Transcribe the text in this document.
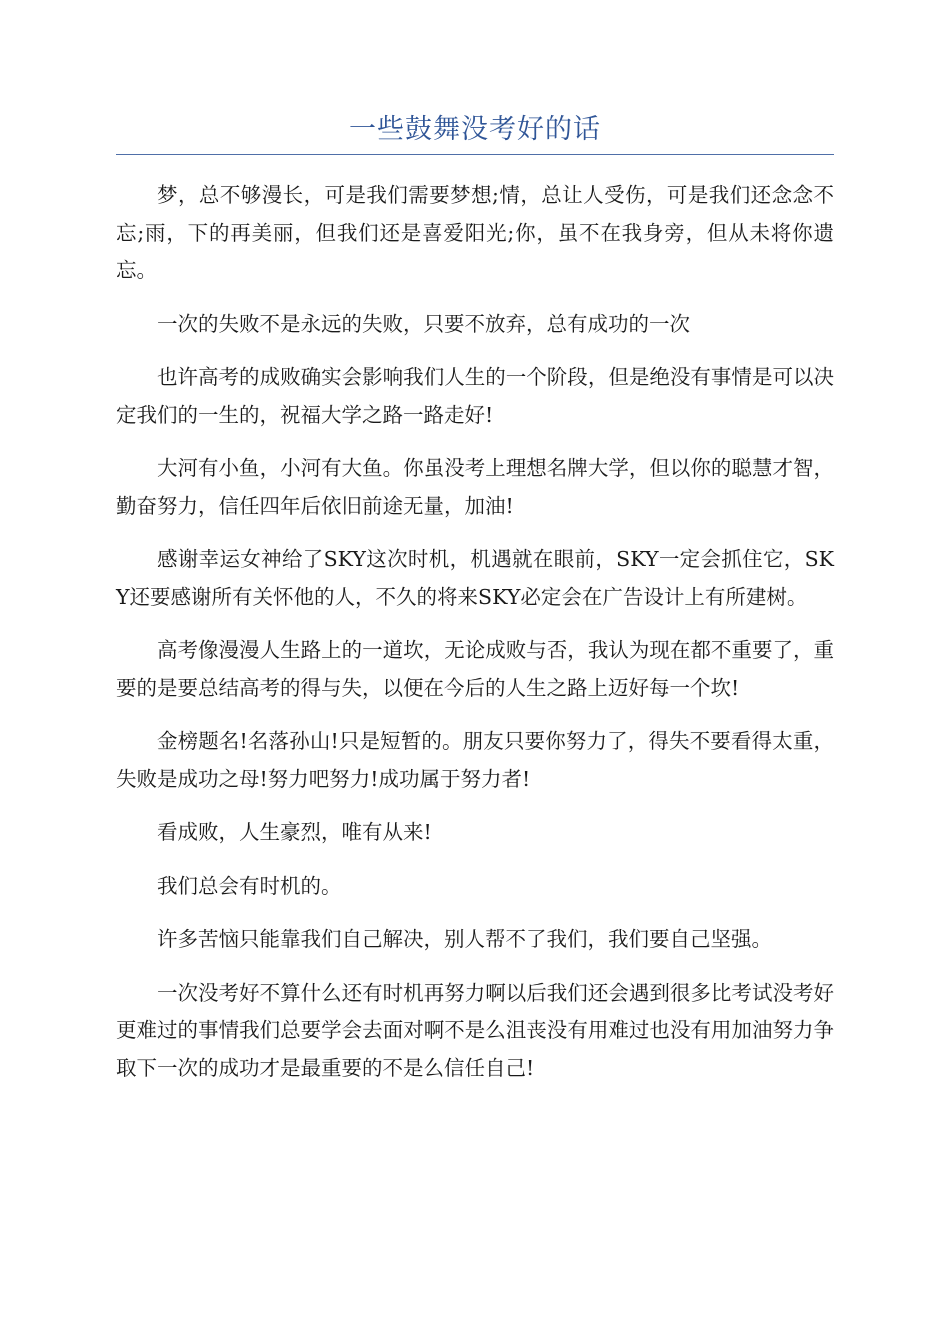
一些鼓舞没考好的话

梦，总不够漫长，可是我们需要梦想;情，总让人受伤，可是我们还念念不忘;雨，下的再美丽，但我们还是喜爱阳光;你，虽不在我身旁，但从未将你遗忘。

一次的失败不是永远的失败，只要不放弃，总有成功的一次

也许高考的成败确实会影响我们人生的一个阶段，但是绝没有事情是可以决定我们的一生的，祝福大学之路一路走好!

大河有小鱼，小河有大鱼。你虽没考上理想名牌大学，但以你的聪慧才智，勤奋努力，信任四年后依旧前途无量，加油!

感谢幸运女神给了SKY这次时机，机遇就在眼前，SKY一定会抓住它，SKY还要感谢所有关怀他的人，不久的将来SKY必定会在广告设计上有所建树。

高考像漫漫人生路上的一道坎，无论成败与否，我认为现在都不重要了，重要的是要总结高考的得与失，以便在今后的人生之路上迈好每一个坎!

金榜题名!名落孙山!只是短暂的。朋友只要你努力了，得失不要看得太重，失败是成功之母!努力吧努力!成功属于努力者!

看成败，人生豪烈，唯有从来!

我们总会有时机的。

许多苦恼只能靠我们自己解决，别人帮不了我们，我们要自己坚强。

一次没考好不算什么还有时机再努力啊以后我们还会遇到很多比考试没考好更难过的事情我们总要学会去面对啊不是么沮丧没有用难过也没有用加油努力争取下一次的成功才是最重要的不是么信任自己!
